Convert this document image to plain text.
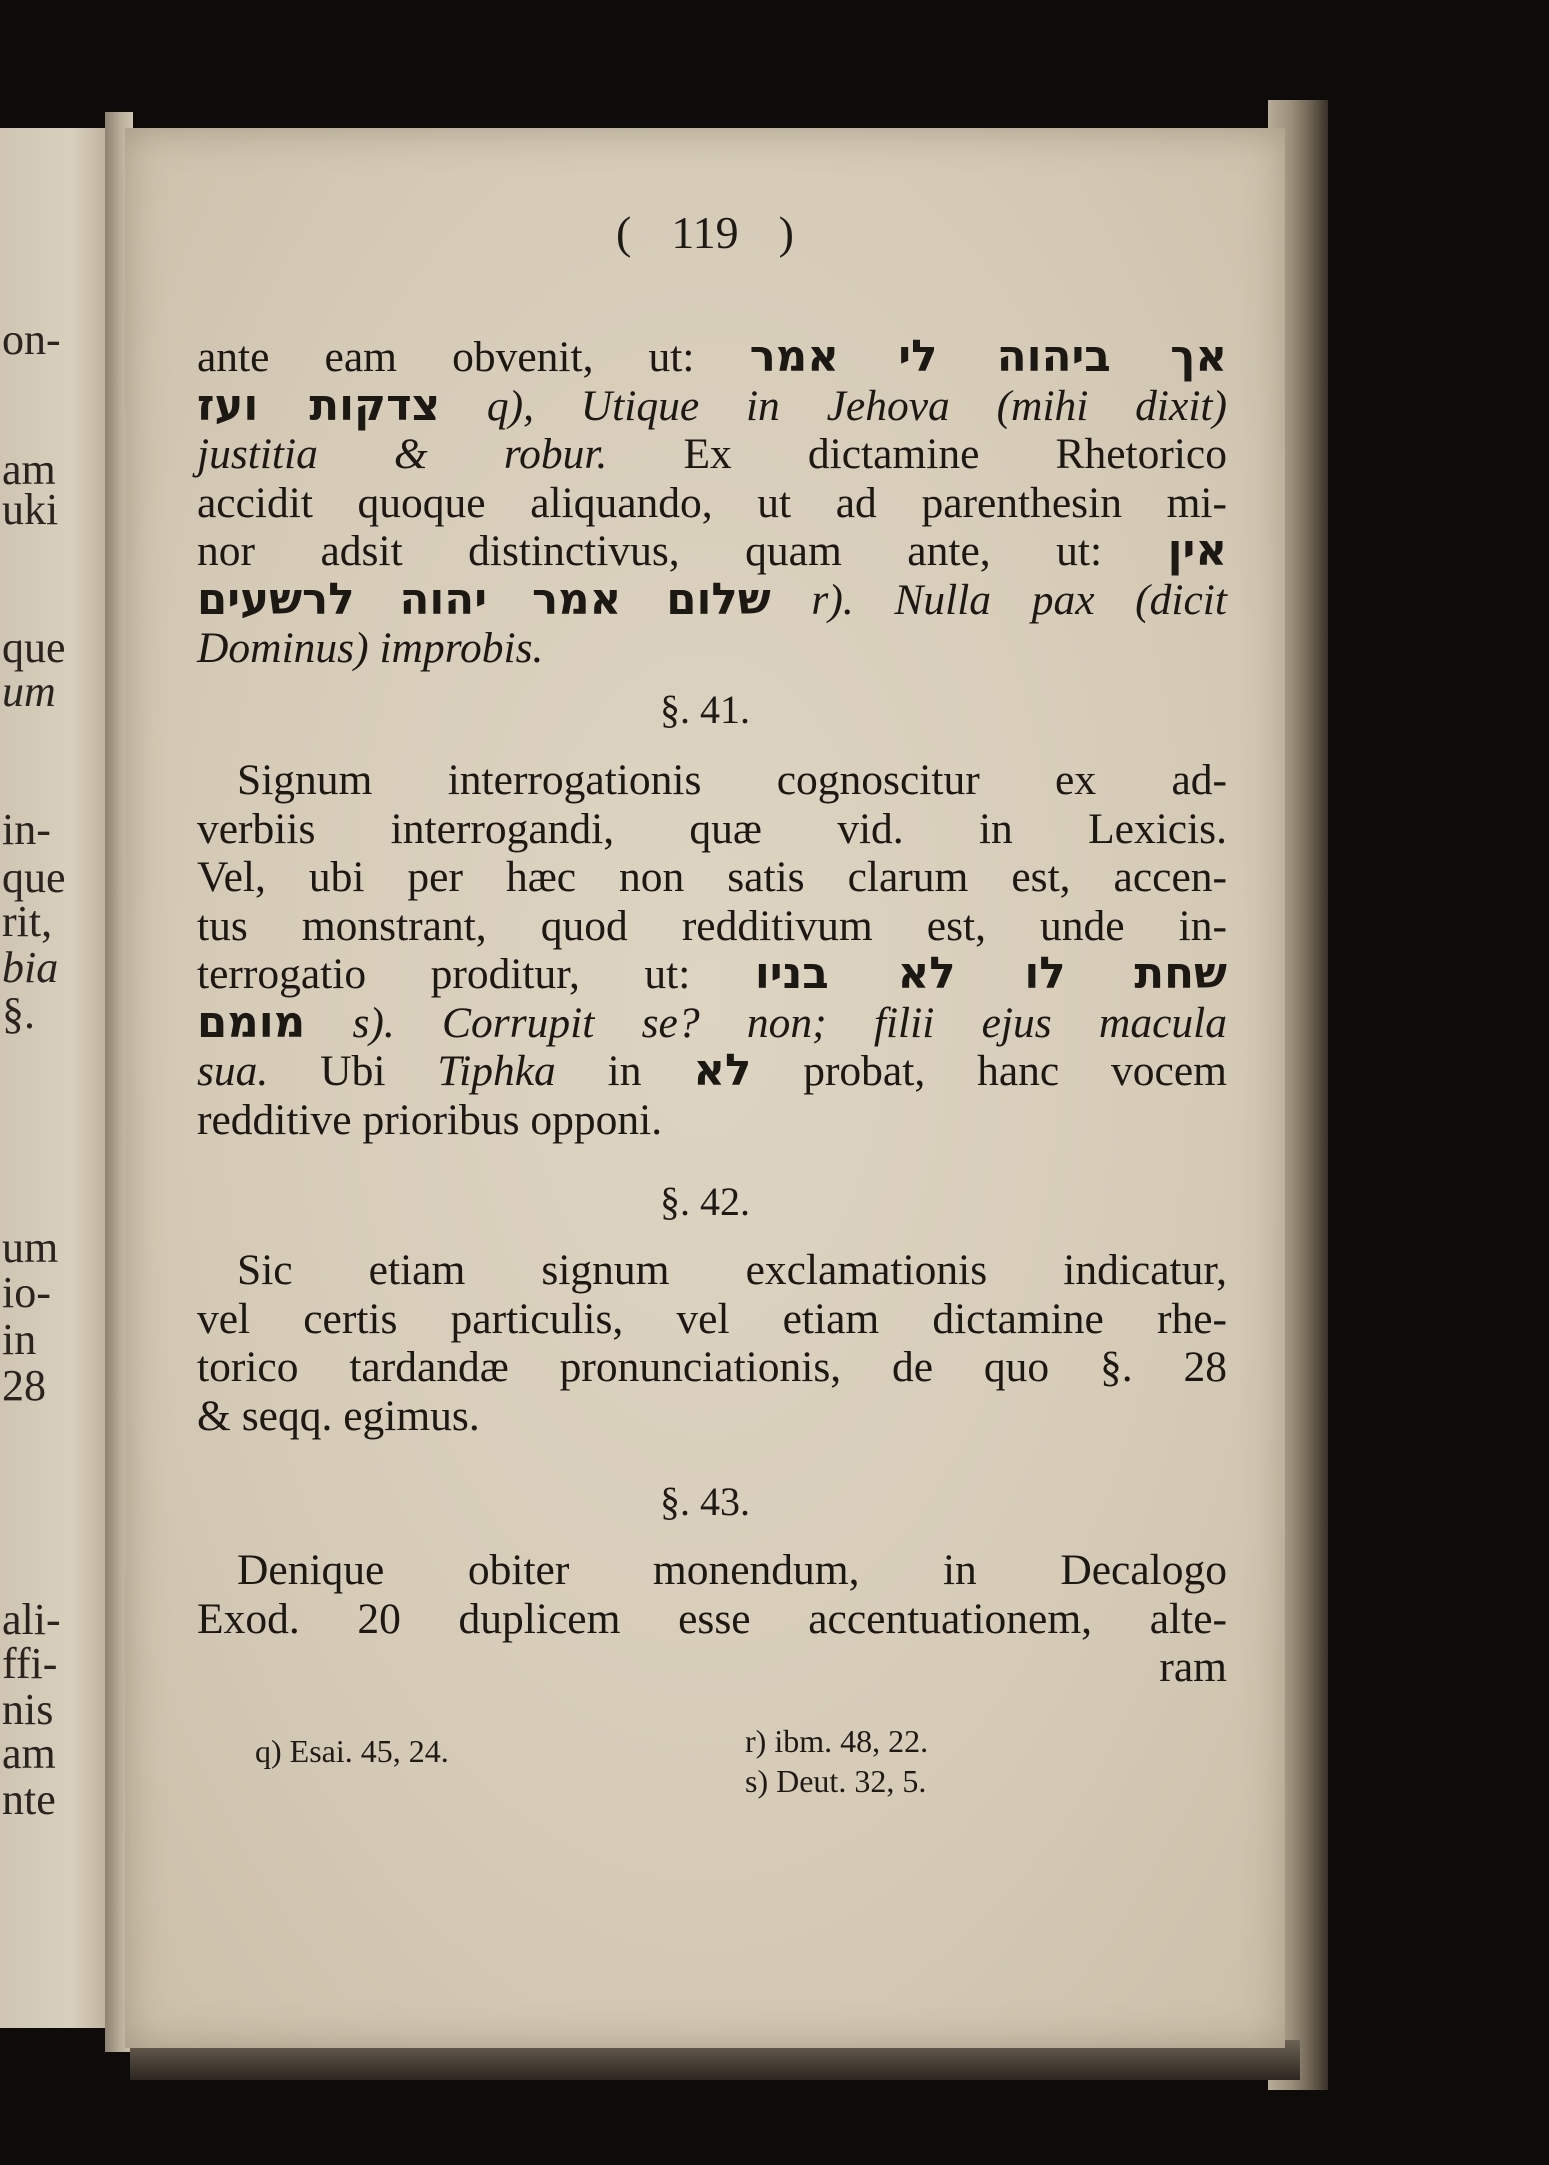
on-
am
uki
que
um
in-
que
rit,
bia
§.
um
io-
in
28
ali-
ffi-
nis
am
nte
( 119 )
ante eam obvenit, ut: אך ביהוה לי אמר
צדקות ועז q), Utique in Jehova (mihi dixit)
justitia & robur. Ex dictamine Rhetorico
accidit quoque aliquando, ut ad parenthesin mi-
nor adsit distinctivus, quam ante, ut: אין
שלום אמר יהוה לרשעים r). Nulla pax (dicit
Dominus) improbis.
§. 41.
Signum interrogationis cognoscitur ex ad-
verbiis interrogandi, quæ vid. in Lexicis.
Vel, ubi per hæc non satis clarum est, accen-
tus monstrant, quod redditivum est, unde in-
terrogatio proditur, ut: שחת לו לא בניו
מומם s). Corrupit se? non; filii ejus macula
sua. Ubi Tiphka in לא probat, hanc vocem
redditive prioribus opponi.
§. 42.
Sic etiam signum exclamationis indicatur,
vel certis particulis, vel etiam dictamine rhe-
torico tardandæ pronunciationis, de quo §. 28
& seqq. egimus.
§. 43.
Denique obiter monendum, in Decalogo
Exod. 20 duplicem esse accentuationem, alte-
ram
q) Esai. 45, 24.	r) ibm. 48, 22.
s) Deut. 32, 5.
